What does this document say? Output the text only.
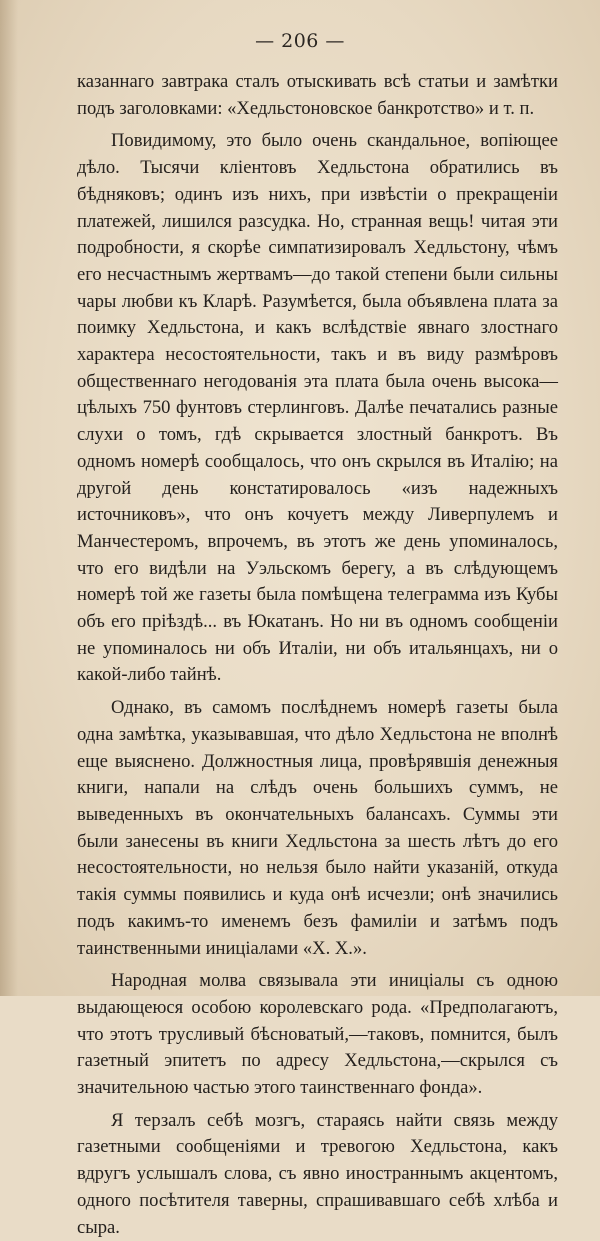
— 206 —

казаннаго завтрака сталъ отыскивать всѣ статьи и замѣтки подъ заголовками: «Хедльстоновское банкротство» и т. п.

Повидимому, это было очень скандальное, вопіющее дѣло. Тысячи кліентовъ Хедльстона обратились въ бѣдняковъ; одинъ изъ нихъ, при извѣстіи о прекращеніи платежей, лишился разсудка. Но, странная вещь! читая эти подробности, я скорѣе симпатизировалъ Хедльстону, чѣмъ его несчастнымъ жертвамъ—до такой степени были сильны чары любви къ Кларѣ. Разумѣется, была объявлена плата за поимку Хедльстона, и какъ вслѣдствіе явнаго злостнаго характера несостоятельности, такъ и въ виду размѣровъ общественнаго негодованія эта плата была очень высока—цѣлыхъ 750 фунтовъ стерлинговъ. Далѣе печатались разные слухи о томъ, гдѣ скрывается злостный банкротъ. Въ одномъ номерѣ сообщалось, что онъ скрылся въ Италію; на другой день констатировалось «изъ надежныхъ источниковъ», что онъ кочуетъ между Ливерпулемъ и Манчестеромъ, впрочемъ, въ этотъ же день упоминалось, что его видѣли на Уэльскомъ берегу, а въ слѣдующемъ номерѣ той же газеты была помѣщена телеграмма изъ Кубы объ его пріѣздѣ... въ Юкатанъ. Но ни въ одномъ сообщеніи не упоминалось ни объ Италіи, ни объ итальянцахъ, ни о какой-либо тайнѣ.

Однако, въ самомъ послѣднемъ номерѣ газеты была одна замѣтка, указывавшая, что дѣло Хедльстона не вполнѣ еще выяснено. Должностныя лица, провѣрявшія денежныя книги, напали на слѣдъ очень большихъ суммъ, не выведенныхъ въ окончательныхъ балансахъ. Суммы эти были занесены въ книги Хедльстона за шесть лѣтъ до его несостоятельности, но нельзя было найти указаній, откуда такія суммы появились и куда онѣ исчезли; онѣ значились подъ какимъ-то именемъ безъ фамиліи и затѣмъ подъ таинственными иниціалами «Х. Х.».

Народная молва связывала эти иниціалы съ одною выдающеюся особою королевскаго рода. «Предполагаютъ, что этотъ трусливый бѣсноватый,—таковъ, помнится, былъ газетный эпитетъ по адресу Хедльстона,—скрылся съ значительною частью этого таинственнаго фонда».

Я терзалъ себѣ мозгъ, стараясь найти связь между газетными сообщеніями и тревогою Хедльстона, какъ вдругъ услышалъ слова, съ явно иностраннымъ акцентомъ, одного посѣтителя таверны, спрашивавшаго себѣ хлѣба и сыра.
